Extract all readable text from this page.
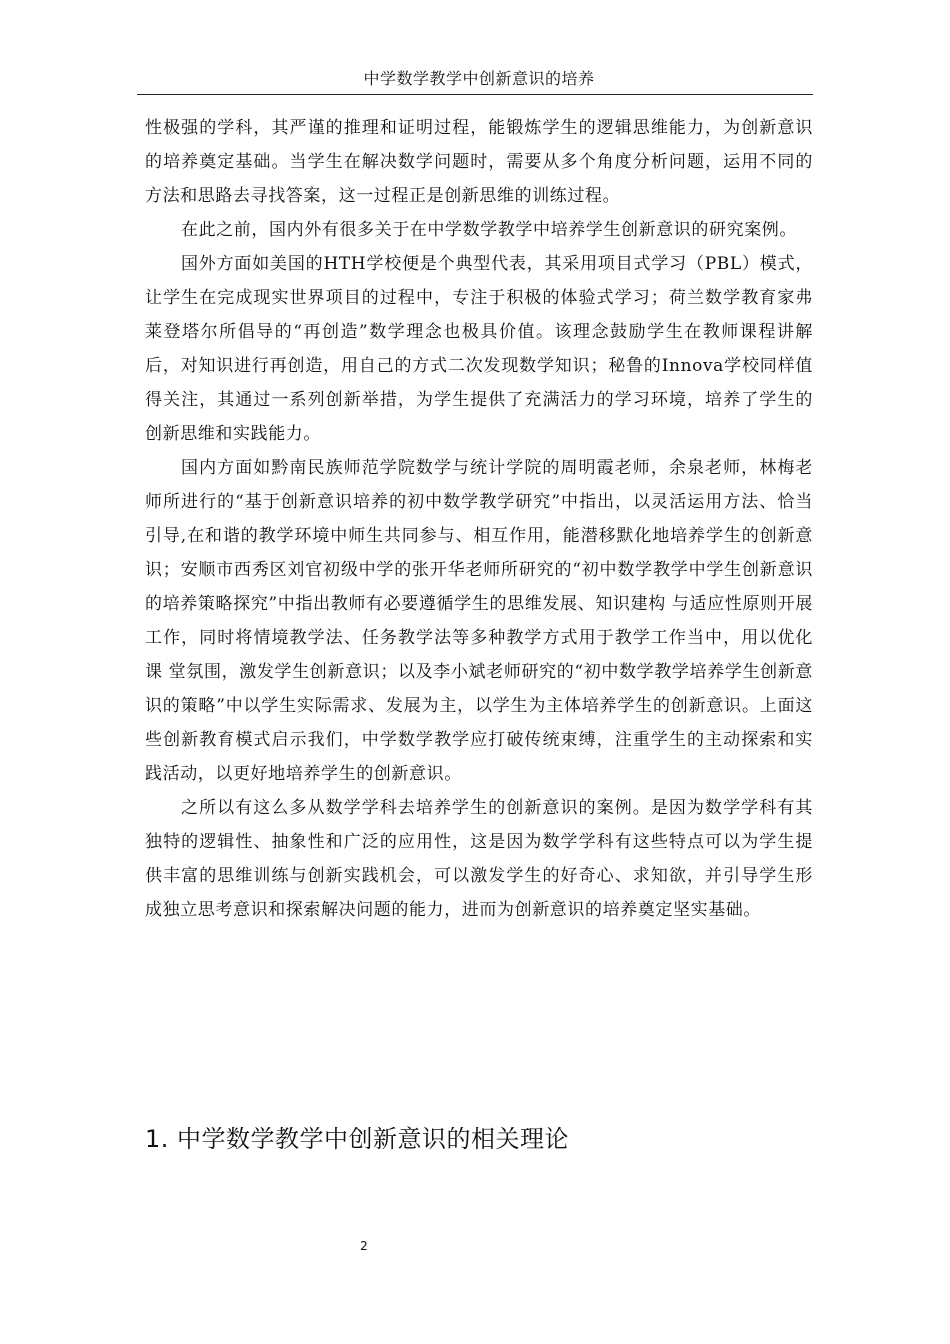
中学数学教学中创新意识的培养

性极强的学科，其严谨的推理和证明过程，能锻炼学生的逻辑思维能力，为创新意识的培养奠定基础。当学生在解决数学问题时，需要从多个角度分析问题，运用不同的方法和思路去寻找答案，这一过程正是创新思维的训练过程。

在此之前，国内外有很多关于在中学数学教学中培养学生创新意识的研究案例。

国外方面如美国的HTH学校便是个典型代表，其采用项目式学习（PBL）模式，让学生在完成现实世界项目的过程中，专注于积极的体验式学习；荷兰数学教育家弗莱登塔尔所倡导的“再创造”数学理念也极具价值。该理念鼓励学生在教师课程讲解后，对知识进行再创造，用自己的方式二次发现数学知识；秘鲁的Innova学校同样值得关注，其通过一系列创新举措，为学生提供了充满活力的学习环境，培养了学生的创新思维和实践能力。

国内方面如黔南民族师范学院数学与统计学院的周明霞老师，余泉老师，林梅老师所进行的“基于创新意识培养的初中数学教学研究”中指出，以灵活运用方法、恰当引导,在和谐的教学环境中师生共同参与、相互作用，能潜移默化地培养学生的创新意识；安顺市西秀区刘官初级中学的张开华老师所研究的“初中数学教学中学生创新意识的培养策略探究”中指出教师有必要遵循学生的思维发展、知识建构 与适应性原则开展工作，同时将情境教学法、任务教学法等多种教学方式用于教学工作当中，用以优化课 堂氛围，激发学生创新意识；以及李小斌老师研究的“初中数学教学培养学生创新意识的策略”中以学生实际需求、发展为主，以学生为主体培养学生的创新意识。上面这些创新教育模式启示我们，中学数学教学应打破传统束缚，注重学生的主动探索和实践活动，以更好地培养学生的创新意识。

之所以有这么多从数学学科去培养学生的创新意识的案例。是因为数学学科有其独特的逻辑性、抽象性和广泛的应用性，这是因为数学学科有这些特点可以为学生提供丰富的思维训练与创新实践机会，可以激发学生的好奇心、求知欲，并引导学生形成独立思考意识和探索解决问题的能力，进而为创新意识的培养奠定坚实基础。

1. 中学数学教学中创新意识的相关理论
2
